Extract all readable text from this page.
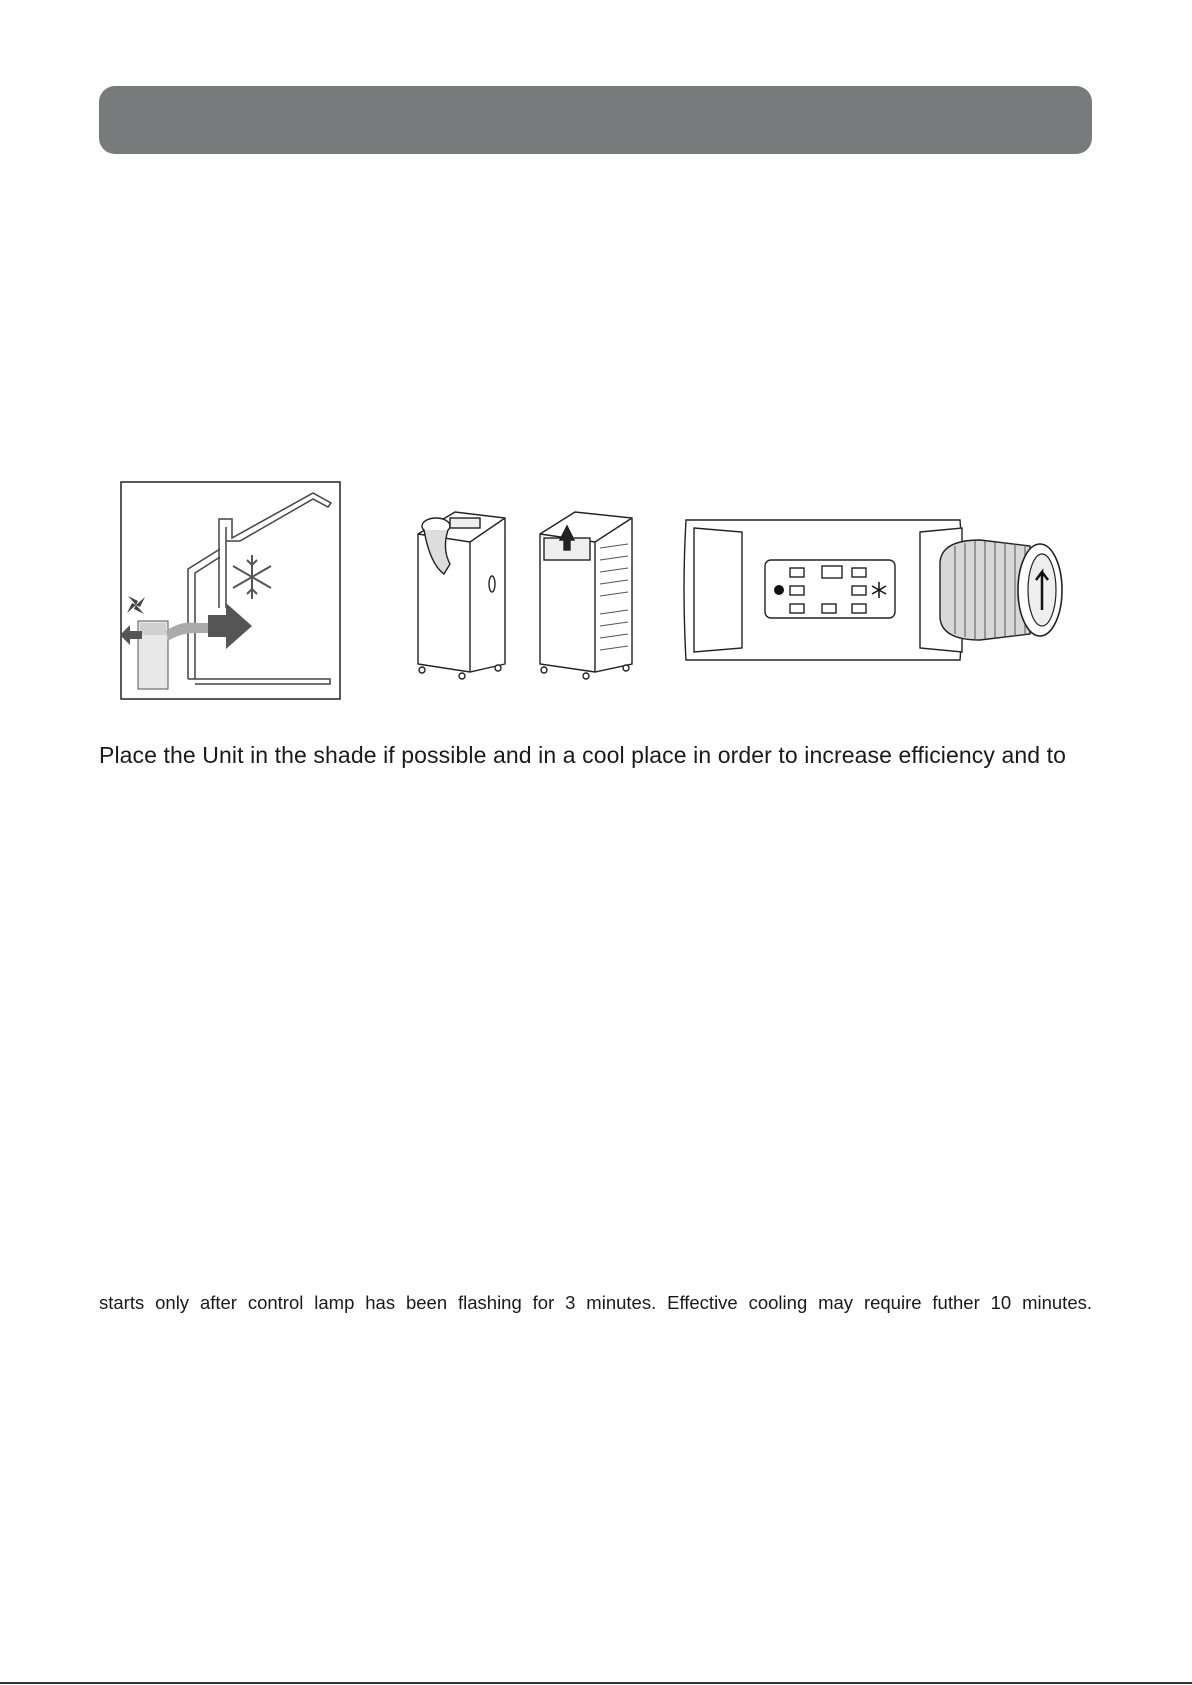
Place the Unit in the shade if possible and in a cool place in order to increase efficiency and to
starts only after control lamp has been flashing for 3 minutes. Effective cooling may require futher 10 minutes.
